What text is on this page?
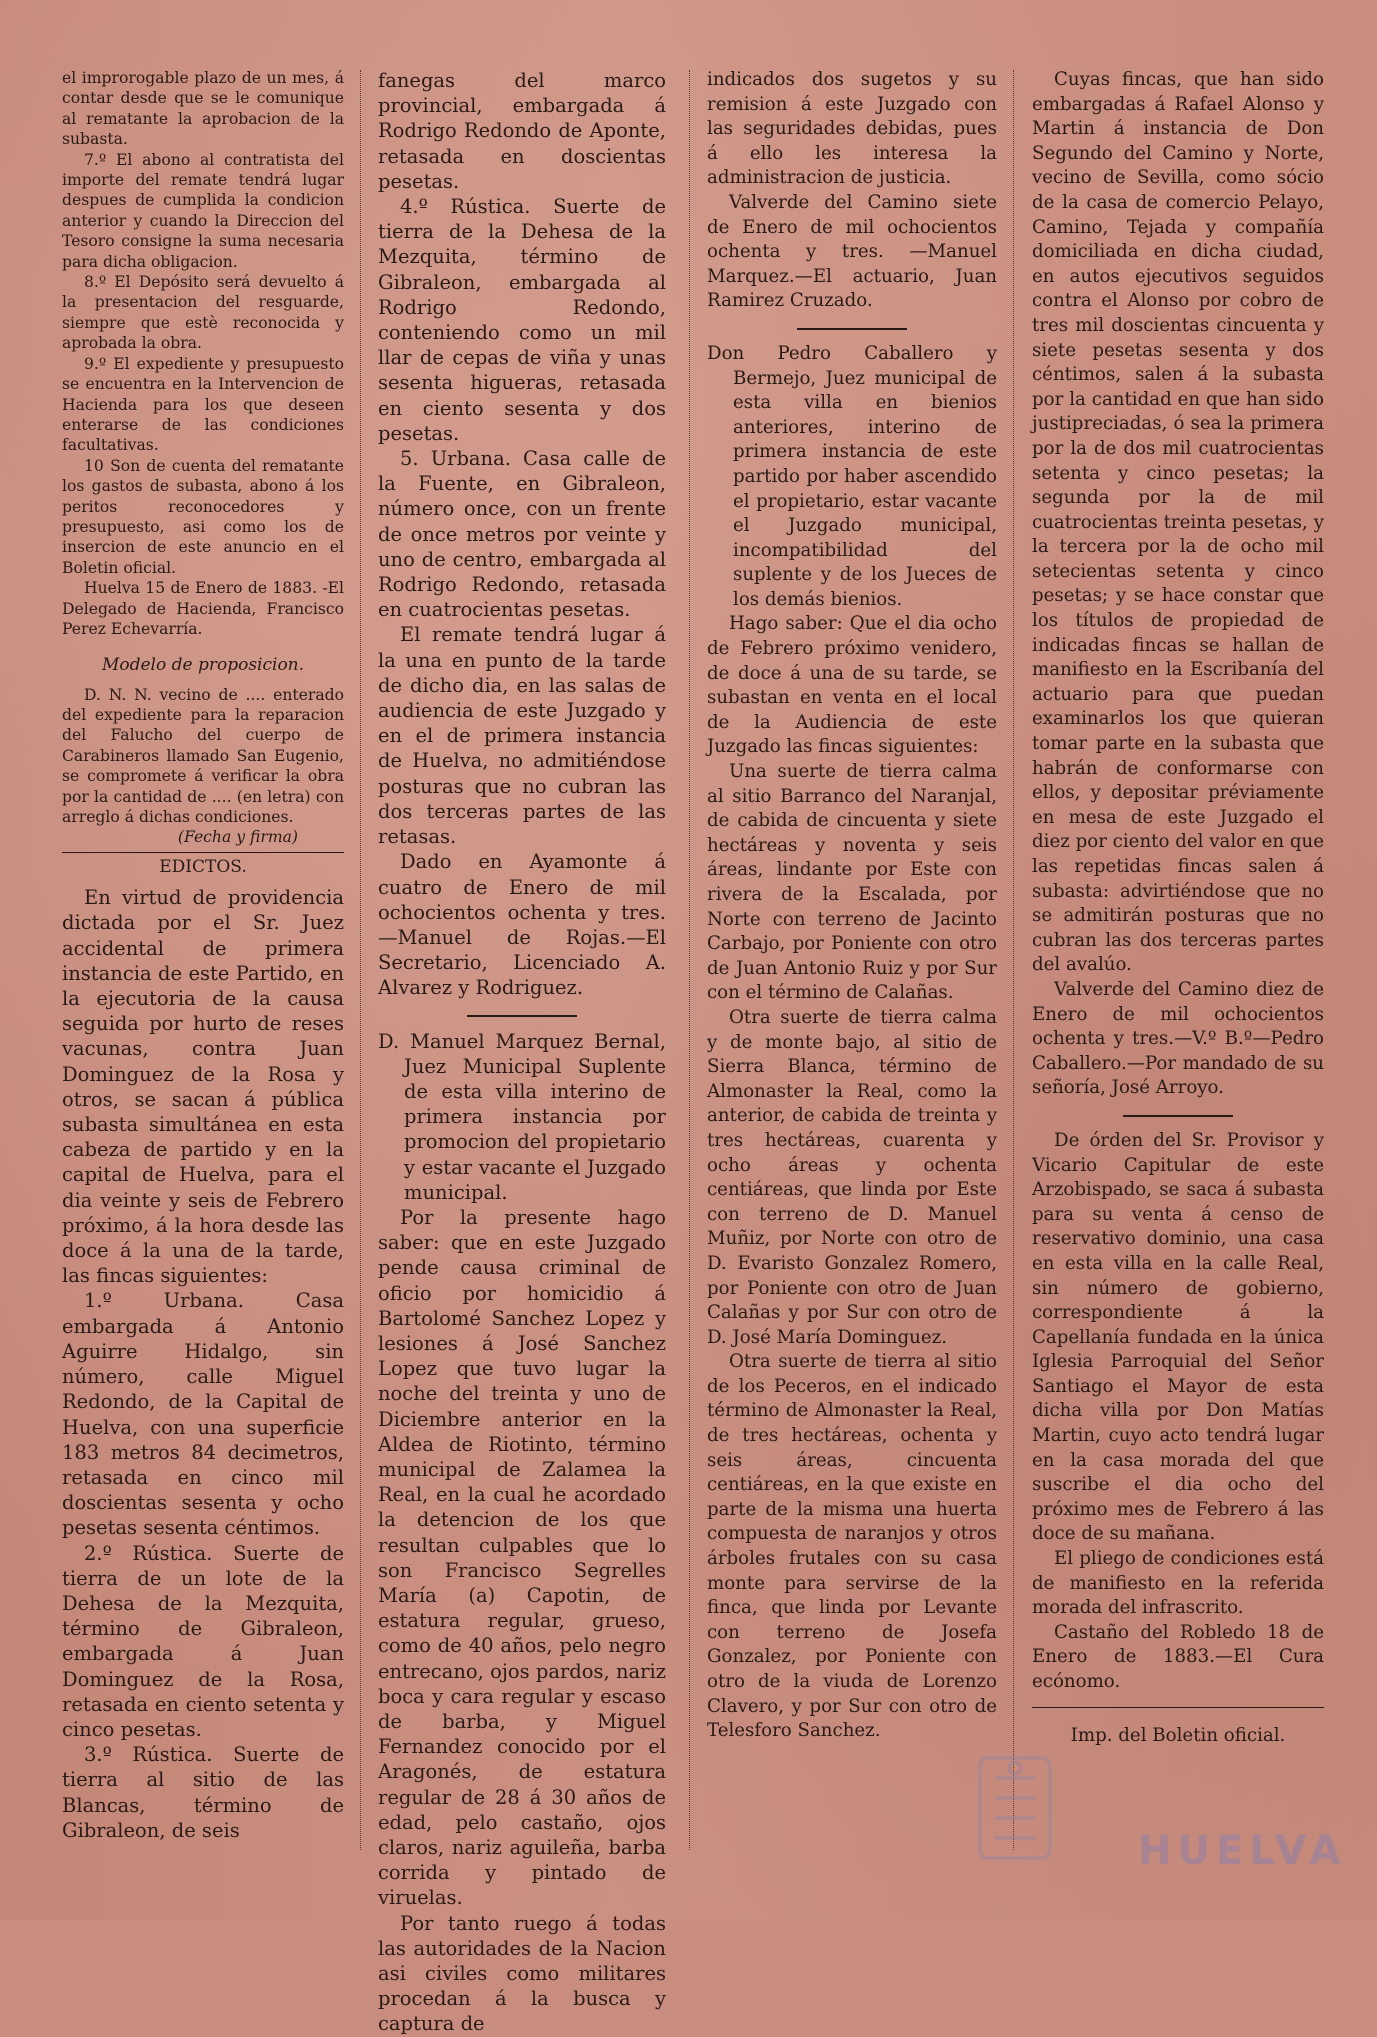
el improrogable plazo de un mes, á contar desde que se le comunique al rematante la aprobacion de la subasta.

7.º El abono al contratista del importe del remate tendrá lugar despues de cumplida la condicion anterior y cuando la Direccion del Tesoro consigne la suma necesaria para dicha obligacion.

8.º El Depósito será devuelto á la presentacion del resguarde, siempre que estè reconocida y aprobada la obra.

9.º El expediente y presupuesto se encuentra en la Intervencion de Hacienda para los que deseen enterarse de las condiciones facultativas.

10 Son de cuenta del rematante los gastos de subasta, abono á los peritos reconocedores y presupuesto, asi como los de insercion de este anuncio en el Boletin oficial.

Huelva 15 de Enero de 1883. -El Delegado de Hacienda, Francisco Perez Echevarría.

Modelo de proposicion.

D. N. N. vecino de .... enterado del expediente para la reparacion del Falucho del cuerpo de Carabineros llamado San Eugenio, se compromete á verificar la obra por la cantidad de .... (en letra) con arreglo á dichas condiciones.

(Fecha y firma)

EDICTOS.

En virtud de providencia dictada por el Sr. Juez accidental de primera instancia de este Partido, en la ejecutoria de la causa seguida por hurto de reses vacunas, contra Juan Dominguez de la Rosa y otros, se sacan á pública subasta simultánea en esta cabeza de partido y en la capital de Huelva, para el dia veinte y seis de Febrero próximo, á la hora desde las doce á la una de la tarde, las fincas siguientes:

1.º Urbana. Casa embargada á Antonio Aguirre Hidalgo, sin número, calle Miguel Redondo, de la Capital de Huelva, con una superficie 183 metros 84 decimetros, retasada en cinco mil doscientas sesenta y ocho pesetas sesenta céntimos.

2.º Rústica. Suerte de tierra de un lote de la Dehesa de la Mezquita, término de Gibraleon, embargada á Juan Dominguez de la Rosa, retasada en ciento setenta y cinco pesetas.

3.º Rústica. Suerte de tierra al sitio de las Blancas, término de Gibraleon, de seis

fanegas del marco provincial, embargada á Rodrigo Redondo de Aponte, retasada en doscientas pesetas.

4.º Rústica. Suerte de tierra de la Dehesa de la Mezquita, término de Gibraleon, embargada al Rodrigo Redondo, conteniendo como un mil llar de cepas de viña y unas sesenta higueras, retasada en ciento sesenta y dos pesetas.

5. Urbana. Casa calle de la Fuente, en Gibraleon, número once, con un frente de once metros por veinte y uno de centro, embargada al Rodrigo Redondo, retasada en cuatrocientas pesetas.

El remate tendrá lugar á la una en punto de la tarde de dicho dia, en las salas de audiencia de este Juzgado y en el de primera instancia de Huelva, no admitiéndose posturas que no cubran las dos terceras partes de las retasas.

Dado en Ayamonte á cuatro de Enero de mil ochocientos ochenta y tres. —Manuel de Rojas.—El Secretario, Licenciado A. Alvarez y Rodriguez.

D. Manuel Marquez Bernal, Juez Municipal Suplente de esta villa interino de primera instancia por promocion del propietario y estar vacante el Juzgado municipal.

Por la presente hago saber: que en este Juzgado pende causa criminal de oficio por homicidio á Bartolomé Sanchez Lopez y lesiones á José Sanchez Lopez que tuvo lugar la noche del treinta y uno de Diciembre anterior en la Aldea de Riotinto, término municipal de Zalamea la Real, en la cual he acordado la detencion de los que resultan culpables que lo son Francisco Segrelles María (a) Capotin, de estatura regular, grueso, como de 40 años, pelo negro entrecano, ojos pardos, nariz boca y cara regular y escaso de barba, y Miguel Fernandez conocido por el Aragonés, de estatura regular de 28 á 30 años de edad, pelo castaño, ojos claros, nariz aguileña, barba corrida y pintado de viruelas.

Por tanto ruego á todas las autoridades de la Nacion asi civiles como militares procedan á la busca y captura de

indicados dos sugetos y su remision á este Juzgado con las seguridades debidas, pues á ello les interesa la administracion de justicia.

Valverde del Camino siete de Enero de mil ochocientos ochenta y tres. —Manuel Marquez.—El actuario, Juan Ramirez Cruzado.

Don Pedro Caballero y Bermejo, Juez municipal de esta villa en bienios anteriores, interino de primera instancia de este partido por haber ascendido el propietario, estar vacante el Juzgado municipal, incompatibilidad del suplente y de los Jueces de los demás bienios.

Hago saber: Que el dia ocho de Febrero próximo venidero, de doce á una de su tarde, se subastan en venta en el local de la Audiencia de este Juzgado las fincas siguientes:

Una suerte de tierra calma al sitio Barranco del Naranjal, de cabida de cincuenta y siete hectáreas y noventa y seis áreas, lindante por Este con rivera de la Escalada, por Norte con terreno de Jacinto Carbajo, por Poniente con otro de Juan Antonio Ruiz y por Sur con el término de Calañas.

Otra suerte de tierra calma y de monte bajo, al sitio de Sierra Blanca, término de Almonaster la Real, como la anterior, de cabida de treinta y tres hectáreas, cuarenta y ocho áreas y ochenta centiáreas, que linda por Este con terreno de D. Manuel Muñiz, por Norte con otro de D. Evaristo Gonzalez Romero, por Poniente con otro de Juan Calañas y por Sur con otro de D. José María Dominguez.

Otra suerte de tierra al sitio de los Peceros, en el indicado término de Almonaster la Real, de tres hectáreas, ochenta y seis áreas, cincuenta centiáreas, en la que existe en parte de la misma una huerta compuesta de naranjos y otros árboles frutales con su casa monte para servirse de la finca, que linda por Levante con terreno de Josefa Gonzalez, por Poniente con otro de la viuda de Lorenzo Clavero, y por Sur con otro de Telesforo Sanchez.

Cuyas fincas, que han sido embargadas á Rafael Alonso y Martin á instancia de Don Segundo del Camino y Norte, vecino de Sevilla, como sócio de la casa de comercio Pelayo, Camino, Tejada y compañía domiciliada en dicha ciudad, en autos ejecutivos seguidos contra el Alonso por cobro de tres mil doscientas cincuenta y siete pesetas sesenta y dos céntimos, salen á la subasta por la cantidad en que han sido justipreciadas, ó sea la primera por la de dos mil cuatrocientas setenta y cinco pesetas; la segunda por la de mil cuatrocientas treinta pesetas, y la tercera por la de ocho mil setecientas setenta y cinco pesetas; y se hace constar que los títulos de propiedad de indicadas fincas se hallan de manifiesto en la Escribanía del actuario para que puedan examinarlos los que quieran tomar parte en la subasta que habrán de conformarse con ellos, y depositar préviamente en mesa de este Juzgado el diez por ciento del valor en que las repetidas fincas salen á subasta: advirtiéndose que no se admitirán posturas que no cubran las dos terceras partes del avalúo.

Valverde del Camino diez de Enero de mil ochocientos ochenta y tres.—V.º B.º—Pedro Caballero.—Por mandado de su señoría, José Arroyo.

De órden del Sr. Provisor y Vicario Capitular de este Arzobispado, se saca á subasta para su venta á censo de reservativo dominio, una casa en esta villa en la calle Real, sin número de gobierno, correspondiente á la Capellanía fundada en la única Iglesia Parroquial del Señor Santiago el Mayor de esta dicha villa por Don Matías Martin, cuyo acto tendrá lugar en la casa morada del que suscribe el dia ocho del próximo mes de Febrero á las doce de su mañana.

El pliego de condiciones está de manifiesto en la referida morada del infrascrito.

Castaño del Robledo 18 de Enero de 1883.—El Cura ecónomo.

Imp. del Boletin oficial.

HUELVA
